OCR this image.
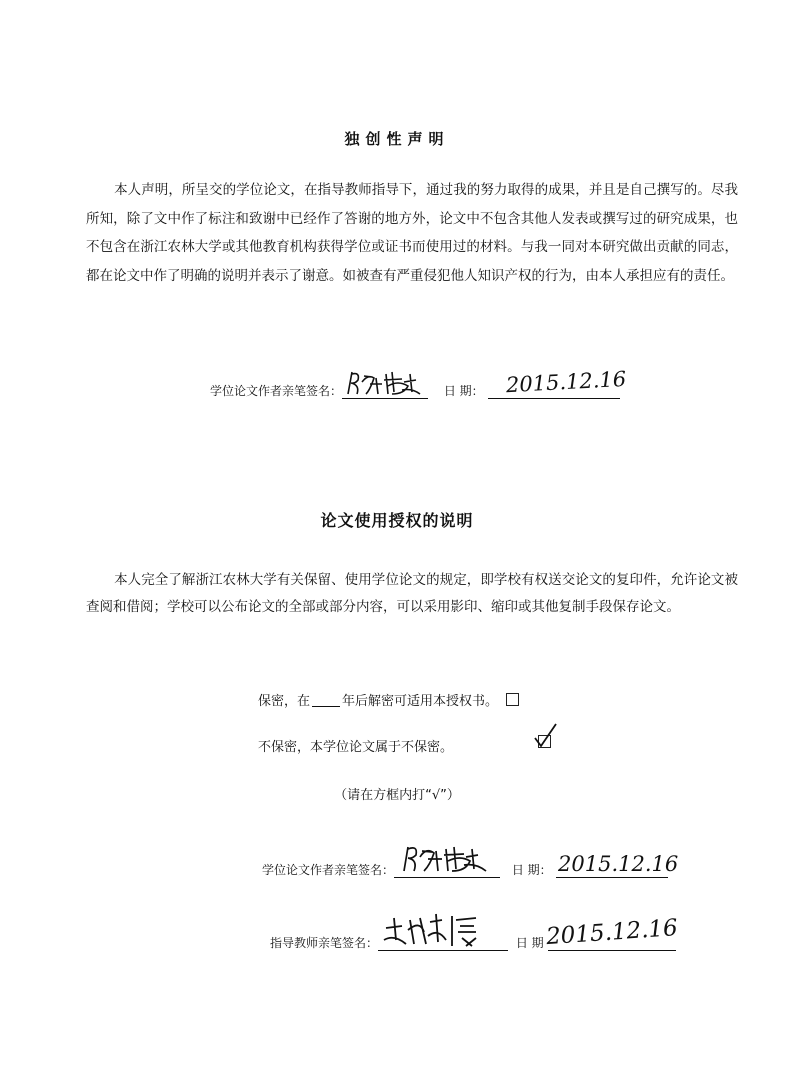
独创性声明
本人声明，所呈交的学位论文，在指导教师指导下，通过我的努力取得的成果，并且是自己撰写的。尽我所知，除了文中作了标注和致谢中已经作了答谢的地方外，论文中不包含其他人发表或撰写过的研究成果，也不包含在浙江农林大学或其他教育机构获得学位或证书而使用过的材料。与我一同对本研究做出贡献的同志，都在论文中作了明确的说明并表示了谢意。如被查有严重侵犯他人知识产权的行为，由本人承担应有的责任。
学位论文作者亲笔签名：	日 期： 2015.12.16
论文使用授权的说明
本人完全了解浙江农林大学有关保留、使用学位论文的规定，即学校有权送交论文的复印件，允许论文被查阅和借阅；学校可以公布论文的全部或部分内容，可以采用影印、缩印或其他复制手段保存论文。
保密，在 年后解密可适用本授权书。
不保密，本学位论文属于不保密。
（请在方框内打“√”）
学位论文作者亲笔签名：	日 期： 2015.12.16
指导教师亲笔签名：	日 期 2015.12.16
